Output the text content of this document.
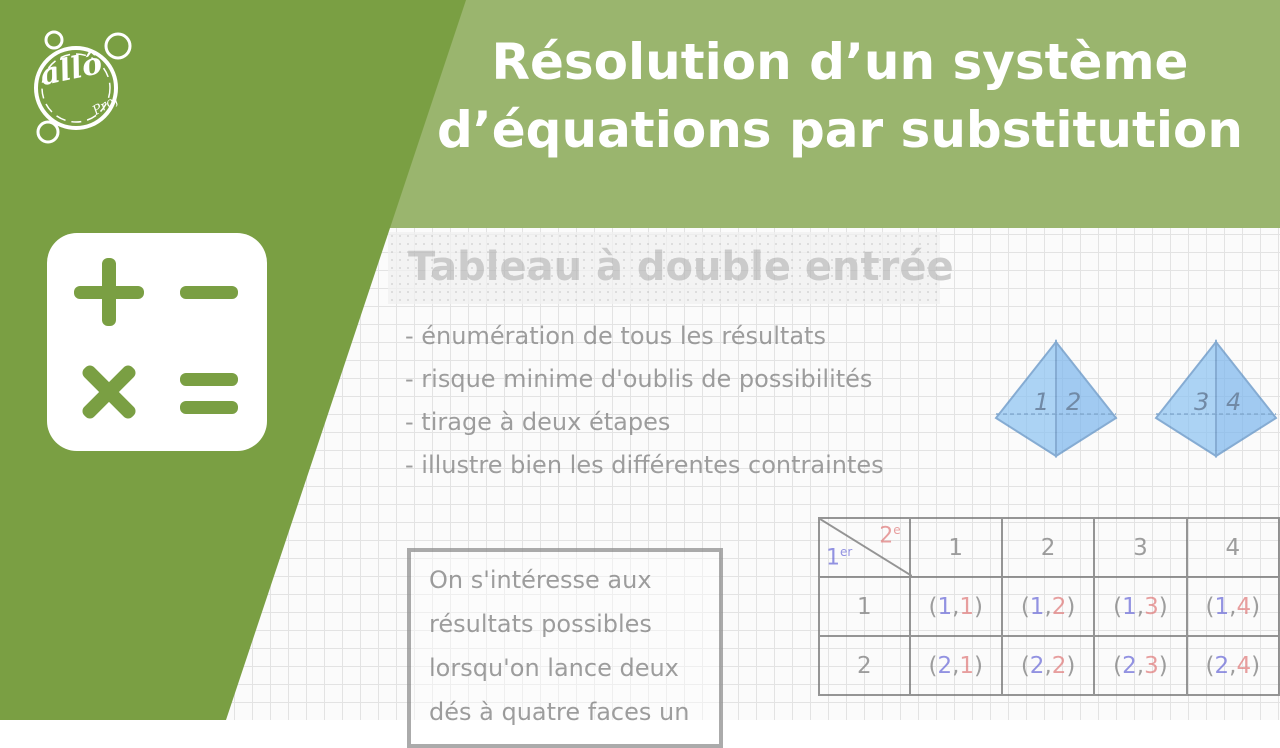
Tableau à double entrée
- énumération de tous les résultats
- risque minime d'oublis de possibilités
- tirage à deux étapes
- illustre bien les différentes contraintes
On s'intéresse aux
résultats possibles
lorsqu'on lance deux
dés à quatre faces un
1 2	3 4
1er
2e	1	2	3	4
1	(1,1)	(1,2)	(1,3)	(1,4)
2	(2,1)	(2,2)	(2,3)	(2,4)
Résolution d’un système
d’équations par substitution
allô
Prof
